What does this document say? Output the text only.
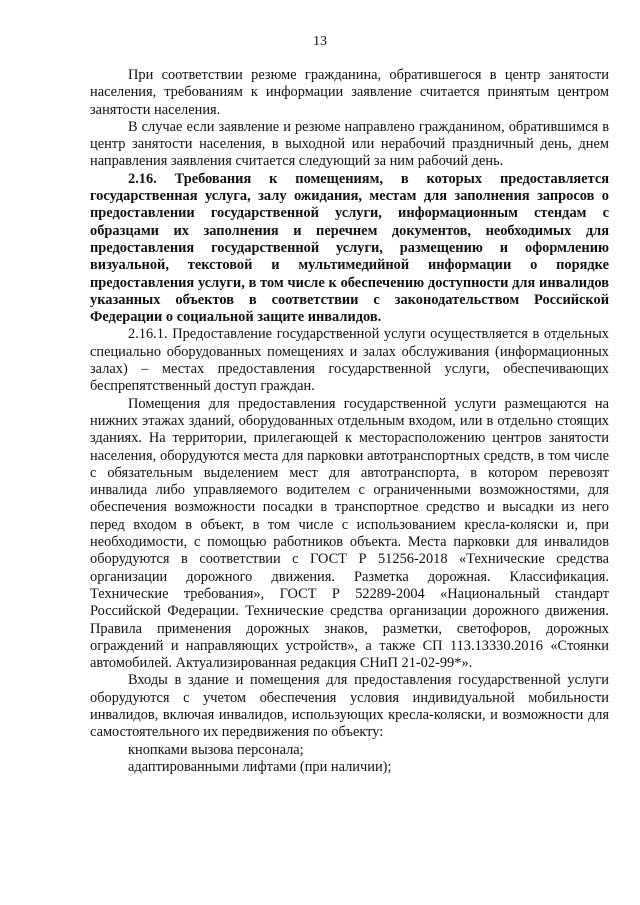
13

При соответствии резюме гражданина, обратившегося в центр занятости населения, требованиям к информации заявление считается принятым центром занятости населения.

В случае если заявление и резюме направлено гражданином, обратившимся в центр занятости населения, в выходной или нерабочий праздничный день, днем направления заявления считается следующий за ним рабочий день.

2.16. Требования к помещениям, в которых предоставляется государственная услуга, залу ожидания, местам для заполнения запросов о предоставлении государственной услуги, информационным стендам с образцами их заполнения и перечнем документов, необходимых для предоставления государственной услуги, размещению и оформлению визуальной, текстовой и мультимедийной информации о порядке предоставления услуги, в том числе к обеспечению доступности для инвалидов указанных объектов в соответствии с законодательством Российской Федерации о социальной защите инвалидов.

2.16.1. Предоставление государственной услуги осуществляется в отдельных специально оборудованных помещениях и залах обслуживания (информационных залах) – местах предоставления государственной услуги, обеспечивающих беспрепятственный доступ граждан.

Помещения для предоставления государственной услуги размещаются на нижних этажах зданий, оборудованных отдельным входом, или в отдельно стоящих зданиях. На территории, прилегающей к месторасположению центров занятости населения, оборудуются места для парковки автотранспортных средств, в том числе с обязательным выделением мест для автотранспорта, в котором перевозят инвалида либо управляемого водителем с ограниченными возможностями, для обеспечения возможности посадки в транспортное средство и высадки из него перед входом в объект, в том числе с использованием кресла-коляски и, при необходимости, с помощью работников объекта. Места парковки для инвалидов оборудуются в соответствии с ГОСТ Р 51256-2018 «Технические средства организации дорожного движения. Разметка дорожная. Классификация. Технические требования», ГОСТ Р 52289-2004 «Национальный стандарт Российской Федерации. Технические средства организации дорожного движения. Правила применения дорожных знаков, разметки, светофоров, дорожных ограждений и направляющих устройств», а также СП 113.13330.2016 «Стоянки автомобилей. Актуализированная редакция СНиП 21-02-99*».

Входы в здание и помещения для предоставления государственной услуги оборудуются с учетом обеспечения условия индивидуальной мобильности инвалидов, включая инвалидов, использующих кресла-коляски, и возможности для самостоятельного их передвижения по объекту:

кнопками вызова персонала;

адаптированными лифтами (при наличии);
